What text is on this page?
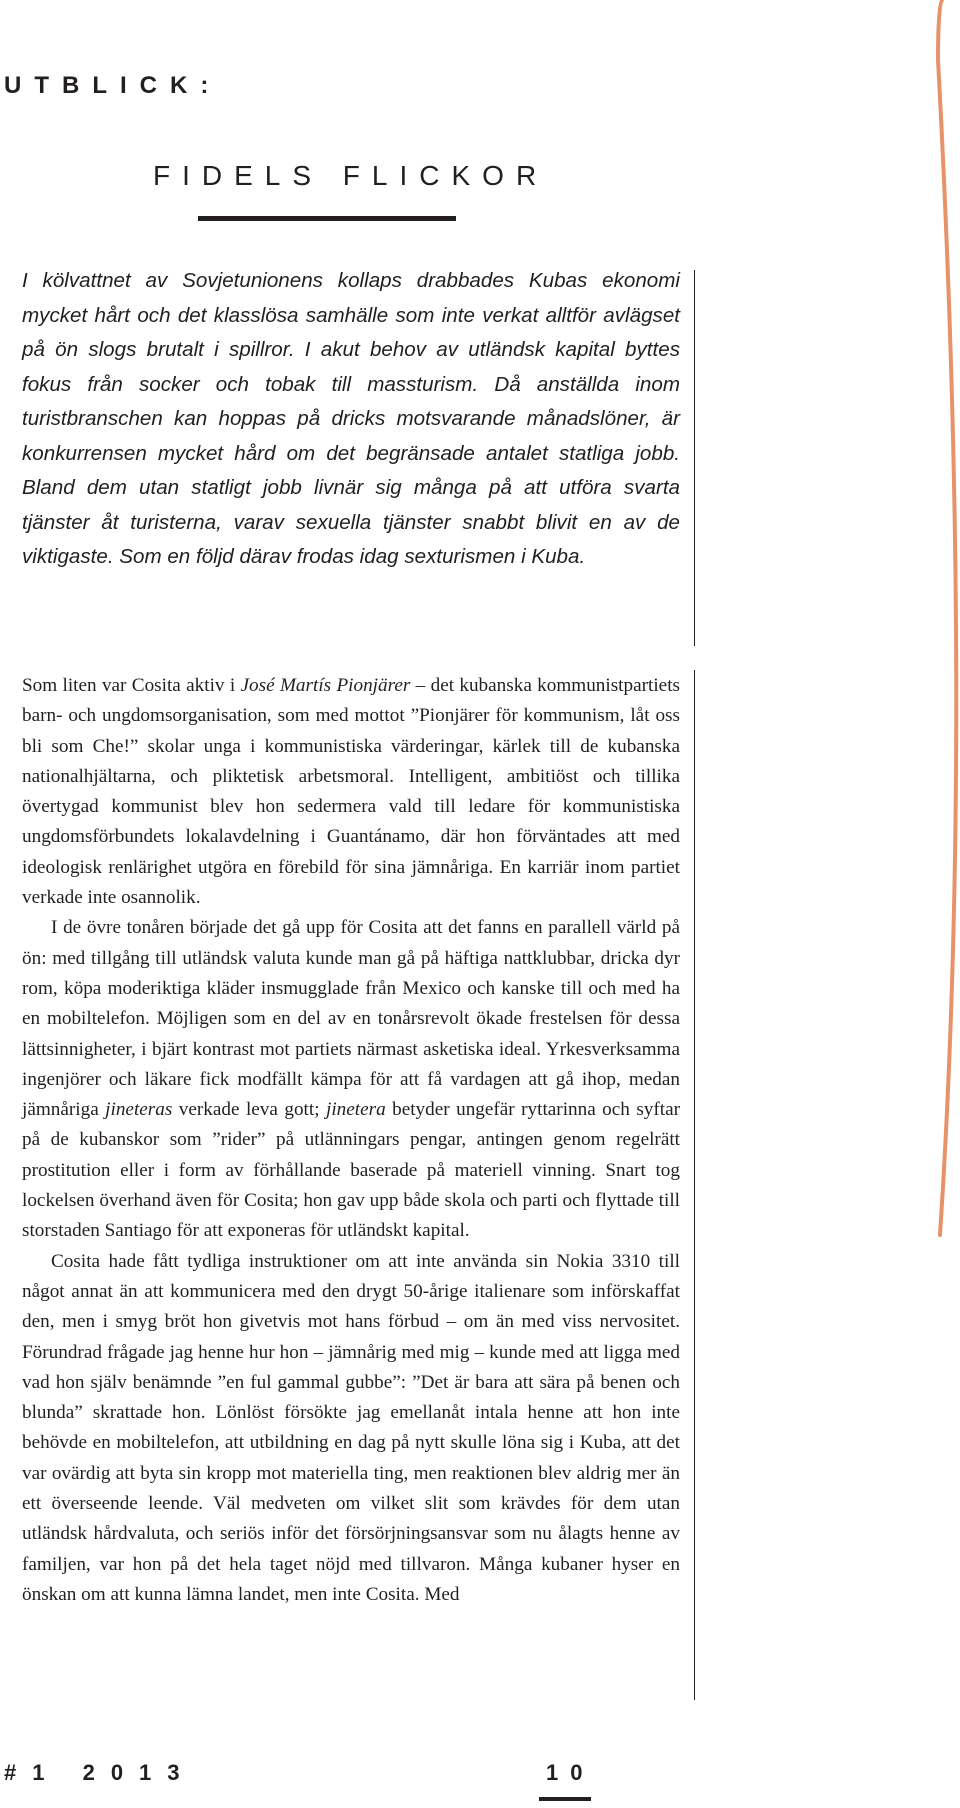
UTBLICK:
FIDELS FLICKOR

I kölvattnet av Sovjetunionens kollaps drabbades Kubas ekonomi mycket hårt och det klasslösa samhälle som inte verkat alltför avlägset på ön slogs brutalt i spillror. I akut behov av utländsk kapital byttes fokus från socker och tobak till massturism. Då anställda inom turistbranschen kan hoppas på dricks motsvarande månadslöner, är konkurrensen mycket hård om det begränsade antalet statliga jobb. Bland dem utan statligt jobb livnär sig många på att utföra svarta tjänster åt turisterna, varav sexuella tjänster snabbt blivit en av de viktigaste. Som en följd därav frodas idag sexturismen i Kuba.

Som liten var Cosita aktiv i José Martís Pionjärer – det kubanska kommunistpartiets barn- och ungdomsorganisation, som med mottot ”Pionjärer för kommunism, låt oss bli som Che!” skolar unga i kommunistiska värderingar, kärlek till de kubanska nationalhjältarna, och pliktetisk arbetsmoral. Intelligent, ambitiöst och tillika övertygad kommunist blev hon sedermera vald till ledare för kommunistiska ungdomsförbundets lokalavdelning i Guantánamo, där hon förväntades att med ideologisk renlärighet utgöra en förebild för sina jämnåriga. En karriär inom partiet verkade inte osannolik.

I de övre tonåren började det gå upp för Cosita att det fanns en parallell värld på ön: med tillgång till utländsk valuta kunde man gå på häftiga nattklubbar, dricka dyr rom, köpa moderiktiga kläder insmugglade från Mexico och kanske till och med ha en mobiltelefon. Möjligen som en del av en tonårsrevolt ökade frestelsen för dessa lättsinnigheter, i bjärt kontrast mot partiets närmast asketiska ideal. Yrkesverksamma ingenjörer och läkare fick modfällt kämpa för att få vardagen att gå ihop, medan jämnåriga jineteras verkade leva gott; jinetera betyder ungefär ryttarinna och syftar på de kubanskor som ”rider” på utlänningars pengar, antingen genom regelrätt prostitution eller i form av förhållande baserade på materiell vinning. Snart tog lockelsen överhand även för Cosita; hon gav upp både skola och parti och flyttade till storstaden Santiago för att exponeras för utländskt kapital.

Cosita hade fått tydliga instruktioner om att inte använda sin Nokia 3310 till något annat än att kommunicera med den drygt 50-årige italienare som införskaffat den, men i smyg bröt hon givetvis mot hans förbud – om än med viss nervositet. Förundrad frågade jag henne hur hon – jämnårig med mig – kunde med att ligga med vad hon själv benämnde ”en ful gammal gubbe”: ”Det är bara att sära på benen och blunda” skrattade hon. Lönlöst försökte jag emellanåt intala henne att hon inte behövde en mobiltelefon, att utbildning en dag på nytt skulle löna sig i Kuba, att det var ovärdig att byta sin kropp mot materiella ting, men reaktionen blev aldrig mer än ett överseende leende. Väl medveten om vilket slit som krävdes för dem utan utländsk hårdvaluta, och seriös inför det försörjningsansvar som nu ålagts henne av familjen, var hon på det hela taget nöjd med tillvaron. Många kubaner hyser en önskan om att kunna lämna landet, men inte Cosita. Med

#1 2013	10
